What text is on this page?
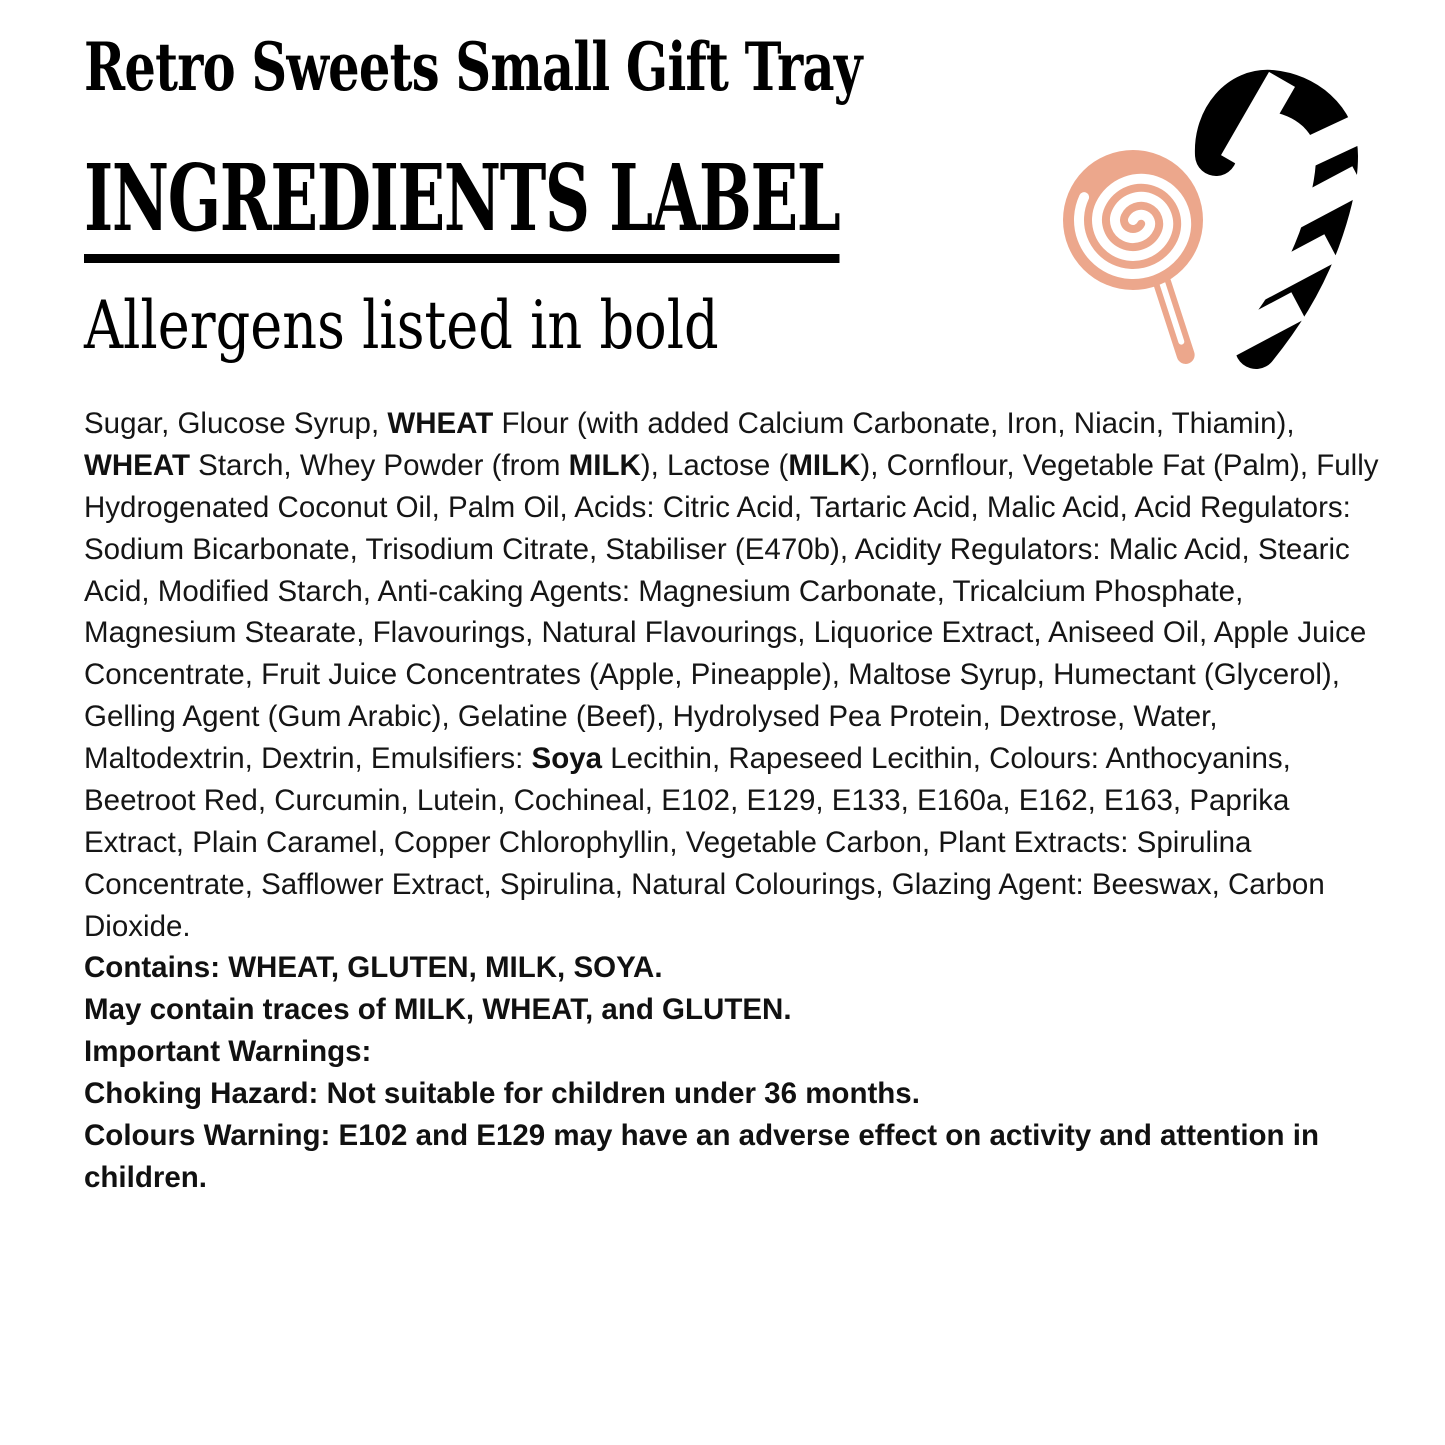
Retro Sweets Small Gift Tray
INGREDIENTS LABEL
Allergens listed in bold

Sugar, Glucose Syrup, WHEAT Flour (with added Calcium Carbonate, Iron, Niacin, Thiamin), WHEAT Starch, Whey Powder (from MILK), Lactose (MILK), Cornflour, Vegetable Fat (Palm), Fully Hydrogenated Coconut Oil, Palm Oil, Acids: Citric Acid, Tartaric Acid, Malic Acid, Acid Regulators: Sodium Bicarbonate, Trisodium Citrate, Stabiliser (E470b), Acidity Regulators: Malic Acid, Stearic Acid, Modified Starch, Anti-caking Agents: Magnesium Carbonate, Tricalcium Phosphate, Magnesium Stearate, Flavourings, Natural Flavourings, Liquorice Extract, Aniseed Oil, Apple Juice Concentrate, Fruit Juice Concentrates (Apple, Pineapple), Maltose Syrup, Humectant (Glycerol), Gelling Agent (Gum Arabic), Gelatine (Beef), Hydrolysed Pea Protein, Dextrose, Water, Maltodextrin, Dextrin, Emulsifiers: Soya Lecithin, Rapeseed Lecithin, Colours: Anthocyanins, Beetroot Red, Curcumin, Lutein, Cochineal, E102, E129, E133, E160a, E162, E163, Paprika Extract, Plain Caramel, Copper Chlorophyllin, Vegetable Carbon, Plant Extracts: Spirulina Concentrate, Safflower Extract, Spirulina, Natural Colourings, Glazing Agent: Beeswax, Carbon Dioxide.

Contains: WHEAT, GLUTEN, MILK, SOYA.
May contain traces of MILK, WHEAT, and GLUTEN.
Important Warnings:
Choking Hazard: Not suitable for children under 36 months.
Colours Warning: E102 and E129 may have an adverse effect on activity and attention in children.
